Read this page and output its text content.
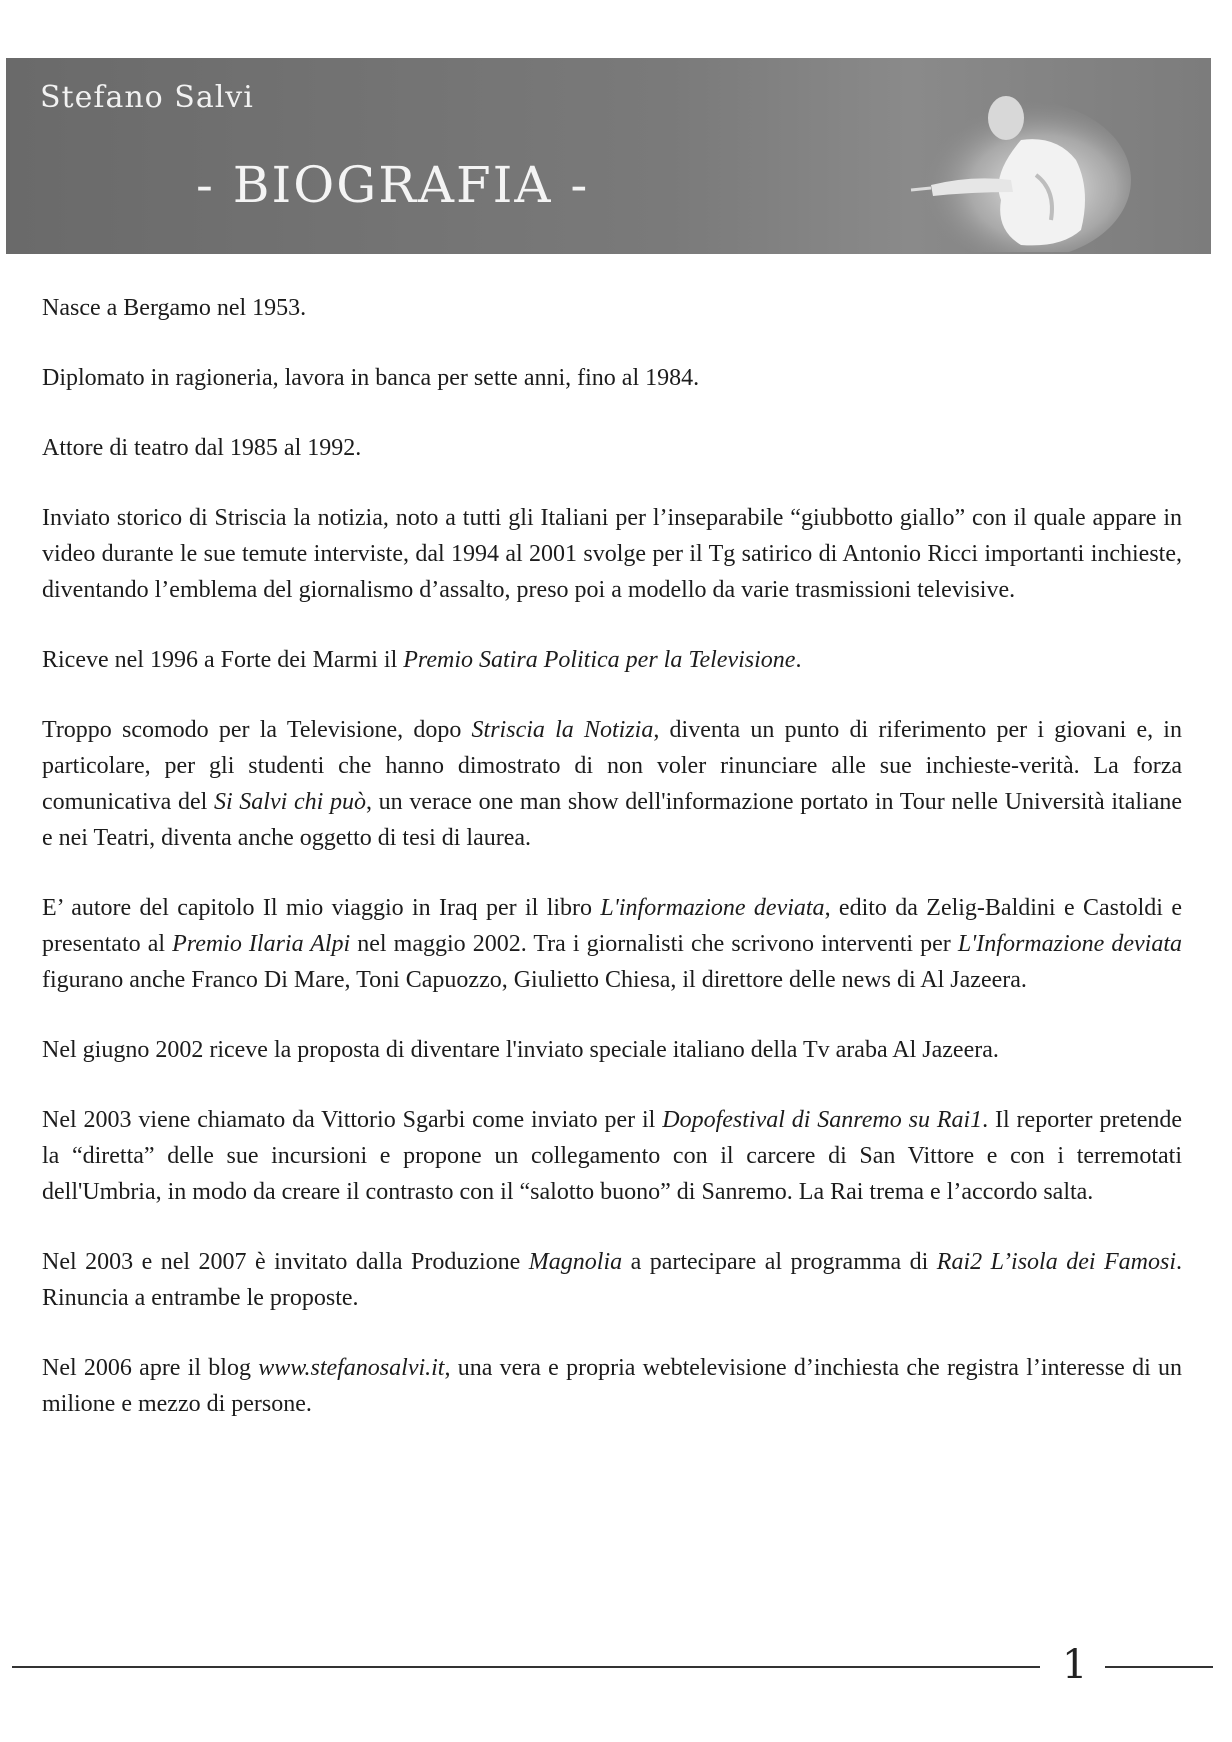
Stefano Salvi
- BIOGRAFIA -

Nasce a Bergamo nel 1953.

Diplomato in ragioneria, lavora in banca per sette anni, fino al 1984.

Attore di teatro dal 1985 al 1992.

Inviato storico di Striscia la notizia, noto a tutti gli Italiani per l’inseparabile “giubbotto giallo” con il quale appare in video durante le sue temute interviste, dal 1994 al 2001 svolge per il Tg satirico di Antonio Ricci importanti inchieste, diventando l’emblema del giornalismo d’assalto, preso poi a modello da varie trasmissioni televisive.

Riceve nel 1996 a Forte dei Marmi il Premio Satira Politica per la Televisione.

Troppo scomodo per la Televisione, dopo Striscia la Notizia, diventa un punto di riferimento per i giovani e, in particolare, per gli studenti che hanno dimostrato di non voler rinunciare alle sue inchieste-verità. La forza comunicativa del Si Salvi chi può, un verace one man show dell'informazione portato in Tour nelle Università italiane e nei Teatri, diventa anche oggetto di tesi di laurea.

E’ autore del capitolo Il mio viaggio in Iraq per il libro L'informazione deviata, edito da Zelig-Baldini e Castoldi e presentato al Premio Ilaria Alpi nel maggio 2002. Tra i giornalisti che scrivono interventi per L'Informazione deviata figurano anche Franco Di Mare, Toni Capuozzo, Giulietto Chiesa, il direttore delle news di Al Jazeera.

Nel giugno 2002 riceve la proposta di diventare l'inviato speciale italiano della Tv araba Al Jazeera.

Nel 2003 viene chiamato da Vittorio Sgarbi come inviato per il Dopofestival di Sanremo su Rai1. Il reporter pretende la “diretta” delle sue incursioni e propone un collegamento con il carcere di San Vittore e con i terremotati dell'Umbria, in modo da creare il contrasto con il “salotto buono” di Sanremo. La Rai trema e l’accordo salta.

Nel 2003 e nel 2007 è invitato dalla Produzione Magnolia a partecipare al programma di Rai2 L’isola dei Famosi. Rinuncia a entrambe le proposte.

Nel 2006 apre il blog www.stefanosalvi.it, una vera e propria webtelevisione d’inchiesta che registra l’interesse di un milione e mezzo di persone.

1
